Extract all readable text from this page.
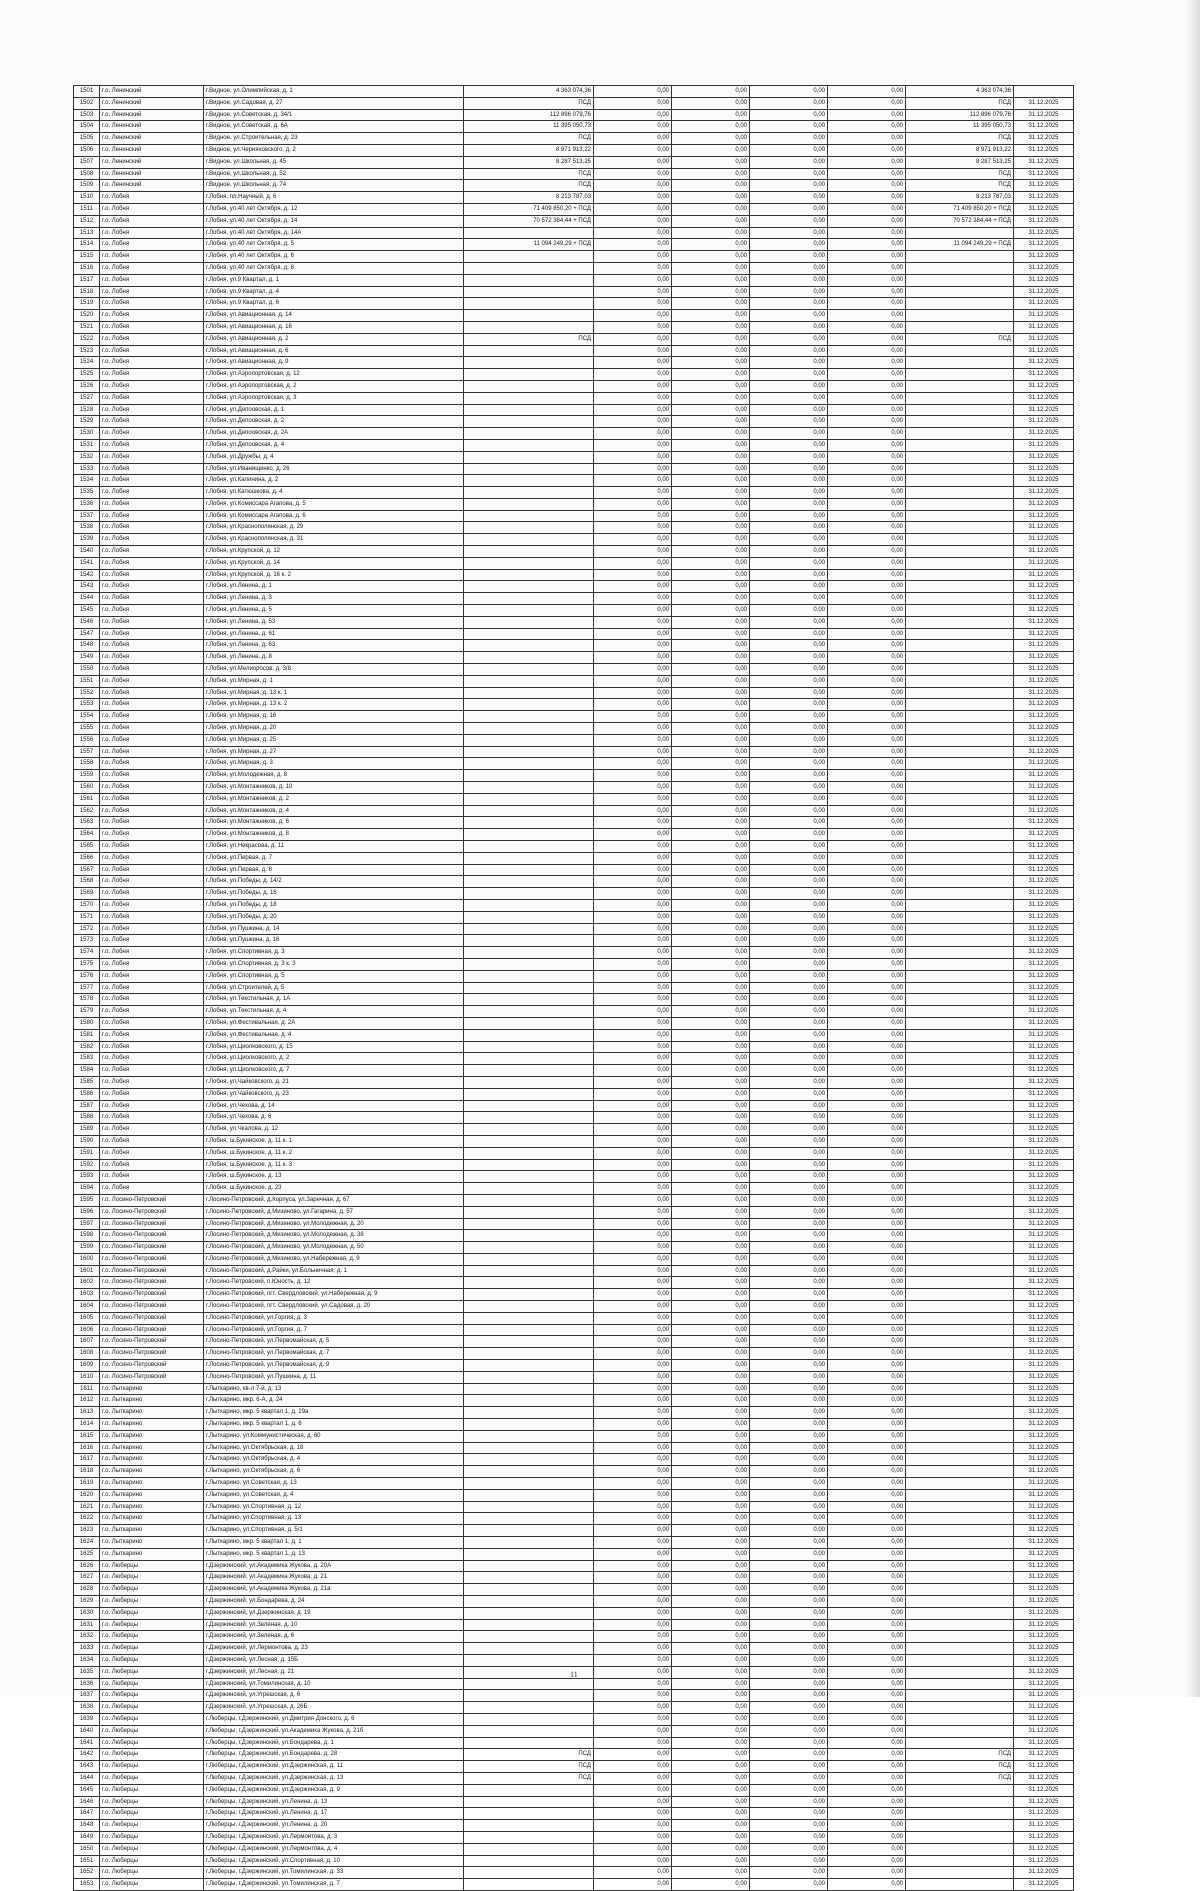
1501	г.о. Ленинский	г.Видное, ул.Олимпийская, д. 1	4 363 074,36	0,00	0,00	0,00	0,00	4 363 074,36	
1502	г.о. Ленинский	г.Видное, ул.Садовая, д. 27	ПСД	0,00	0,00	0,00	0,00	ПСД	31.12.2025
1503	г.о. Ленинский	г.Видное, ул.Советская, д. 34/1	112 896 079,76	0,00	0,00	0,00	0,00	112 896 079,76	31.12.2025
1504	г.о. Ленинский	г.Видное, ул.Советская, д. 6А	11 395 050,73	0,00	0,00	0,00	0,00	11 395 050,73	31.12.2025
1505	г.о. Ленинский	г.Видное, ул.Строительная, д. 23	ПСД	0,00	0,00	0,00	0,00	ПСД	31.12.2025
1506	г.о. Ленинский	г.Видное, ул.Черняховского, д. 2	8 971 913,22	0,00	0,00	0,00	0,00	8 971 913,22	31.12.2025
1507	г.о. Ленинский	г.Видное, ул.Школьная, д. 45	8 287 513,25	0,00	0,00	0,00	0,00	8 287 513,25	31.12.2025
1508	г.о. Ленинский	г.Видное, ул.Школьная, д. 52	ПСД	0,00	0,00	0,00	0,00	ПСД	31.12.2025
1509	г.о. Ленинский	г.Видное, ул.Школьная, д. 74	ПСД	0,00	0,00	0,00	0,00	ПСД	31.12.2025
1510	г.о. Лобня	г.Лобня, пл.Научный, д. 6	8 213 787,03	0,00	0,00	0,00	0,00	8 213 787,03	31.12.2025
1511	г.о. Лобня	г.Лобня, ул.40 лет Октября, д. 12	71 409 850,20 + ПСД	0,00	0,00	0,00	0,00	71 409 850,20 + ПСД	31.12.2025
1512	г.о. Лобня	г.Лобня, ул.40 лет Октября, д. 14	70 572 384,44 + ПСД	0,00	0,00	0,00	0,00	70 572 384,44 + ПСД	31.12.2025
1513	г.о. Лобня	г.Лобня, ул.40 лет Октября, д. 14А		0,00	0,00	0,00	0,00		31.12.2025
1514	г.о. Лобня	г.Лобня, ул.40 лет Октября, д. 5	11 094 249,29 + ПСД	0,00	0,00	0,00	0,00	11 094 249,29 + ПСД	31.12.2025
1515	г.о. Лобня	г.Лобня, ул.40 лет Октября, д. 6		0,00	0,00	0,00	0,00		31.12.2025
1516	г.о. Лобня	г.Лобня, ул.40 лет Октября, д. 8		0,00	0,00	0,00	0,00		31.12.2025
1517	г.о. Лобня	г.Лобня, ул.9 Квартал, д. 1		0,00	0,00	0,00	0,00		31.12.2025
1518	г.о. Лобня	г.Лобня, ул.9 Квартал, д. 4		0,00	0,00	0,00	0,00		31.12.2025
1519	г.о. Лобня	г.Лобня, ул.9 Квартал, д. 6		0,00	0,00	0,00	0,00		31.12.2025
1520	г.о. Лобня	г.Лобня, ул.Авиационная, д. 14		0,00	0,00	0,00	0,00		31.12.2025
1521	г.о. Лобня	г.Лобня, ул.Авиационная, д. 16		0,00	0,00	0,00	0,00		31.12.2025
1522	г.о. Лобня	г.Лобня, ул.Авиационная, д. 2	ПСД	0,00	0,00	0,00	0,00	ПСД	31.12.2025
1523	г.о. Лобня	г.Лобня, ул.Авиационная, д. 6		0,00	0,00	0,00	0,00		31.12.2025
1524	г.о. Лобня	г.Лобня, ул.Авиационная, д. 9		0,00	0,00	0,00	0,00		31.12.2025
1525	г.о. Лобня	г.Лобня, ул.Аэропортовская, д. 12		0,00	0,00	0,00	0,00		31.12.2025
1526	г.о. Лобня	г.Лобня, ул.Аэропортовская, д. 2		0,00	0,00	0,00	0,00		31.12.2025
1527	г.о. Лобня	г.Лобня, ул.Аэропортовская, д. 3		0,00	0,00	0,00	0,00		31.12.2025
1528	г.о. Лобня	г.Лобня, ул.Депоовская, д. 1		0,00	0,00	0,00	0,00		31.12.2025
1529	г.о. Лобня	г.Лобня, ул.Депоовская, д. 2		0,00	0,00	0,00	0,00		31.12.2025
1530	г.о. Лобня	г.Лобня, ул.Депоовская, д. 2А		0,00	0,00	0,00	0,00		31.12.2025
1531	г.о. Лобня	г.Лобня, ул.Депоовская, д. 4		0,00	0,00	0,00	0,00		31.12.2025
1532	г.о. Лобня	г.Лобня, ул.Дружбы, д. 4		0,00	0,00	0,00	0,00		31.12.2025
1533	г.о. Лобня	г.Лобня, ул.Иванищенко, д. 26		0,00	0,00	0,00	0,00		31.12.2025
1534	г.о. Лобня	г.Лобня, ул.Калинина, д. 2		0,00	0,00	0,00	0,00		31.12.2025
1535	г.о. Лобня	г.Лобня, ул.Катюшкова, д. 4		0,00	0,00	0,00	0,00		31.12.2025
1536	г.о. Лобня	г.Лобня, ул.Комиссара Агапова, д. 5		0,00	0,00	0,00	0,00		31.12.2025
1537	г.о. Лобня	г.Лобня, ул.Комиссара Агапова, д. 6		0,00	0,00	0,00	0,00		31.12.2025
1538	г.о. Лобня	г.Лобня, ул.Краснополянская, д. 29		0,00	0,00	0,00	0,00		31.12.2025
1539	г.о. Лобня	г.Лобня, ул.Краснополянская, д. 31		0,00	0,00	0,00	0,00		31.12.2025
1540	г.о. Лобня	г.Лобня, ул.Крупской, д. 12		0,00	0,00	0,00	0,00		31.12.2025
1541	г.о. Лобня	г.Лобня, ул.Крупской, д. 14		0,00	0,00	0,00	0,00		31.12.2025
1542	г.о. Лобня	г.Лобня, ул.Крупской, д. 16 к. 2		0,00	0,00	0,00	0,00		31.12.2025
1543	г.о. Лобня	г.Лобня, ул.Ленина, д. 1		0,00	0,00	0,00	0,00		31.12.2025
1544	г.о. Лобня	г.Лобня, ул.Ленина, д. 3		0,00	0,00	0,00	0,00		31.12.2025
1545	г.о. Лобня	г.Лобня, ул.Ленина, д. 5		0,00	0,00	0,00	0,00		31.12.2025
1546	г.о. Лобня	г.Лобня, ул.Ленина, д. 53		0,00	0,00	0,00	0,00		31.12.2025
1547	г.о. Лобня	г.Лобня, ул.Ленина, д. 61		0,00	0,00	0,00	0,00		31.12.2025
1548	г.о. Лобня	г.Лобня, ул.Ленина, д. 63		0,00	0,00	0,00	0,00		31.12.2025
1549	г.о. Лобня	г.Лобня, ул.Ленина, д. 8		0,00	0,00	0,00	0,00		31.12.2025
1550	г.о. Лобня	г.Лобня, ул.Мелиоросов, д. 3/8		0,00	0,00	0,00	0,00		31.12.2025
1551	г.о. Лобня	г.Лобня, ул.Мирная, д. 1		0,00	0,00	0,00	0,00		31.12.2025
1552	г.о. Лобня	г.Лобня, ул.Мирная, д. 13 к. 1		0,00	0,00	0,00	0,00		31.12.2025
1553	г.о. Лобня	г.Лобня, ул.Мирная, д. 13 к. 2		0,00	0,00	0,00	0,00		31.12.2025
1554	г.о. Лобня	г.Лобня, ул.Мирная, д. 16		0,00	0,00	0,00	0,00		31.12.2025
1555	г.о. Лобня	г.Лобня, ул.Мирная, д. 20		0,00	0,00	0,00	0,00		31.12.2025
1556	г.о. Лобня	г.Лобня, ул.Мирная, д. 25		0,00	0,00	0,00	0,00		31.12.2025
1557	г.о. Лобня	г.Лобня, ул.Мирная, д. 27		0,00	0,00	0,00	0,00		31.12.2025
1558	г.о. Лобня	г.Лобня, ул.Мирная, д. 3		0,00	0,00	0,00	0,00		31.12.2025
1559	г.о. Лобня	г.Лобня, ул.Молодежная, д. 8		0,00	0,00	0,00	0,00		31.12.2025
1560	г.о. Лобня	г.Лобня, ул.Монтажников, д. 10		0,00	0,00	0,00	0,00		31.12.2025
1561	г.о. Лобня	г.Лобня, ул.Монтажников, д. 2		0,00	0,00	0,00	0,00		31.12.2025
1562	г.о. Лобня	г.Лобня, ул.Монтажников, д. 4		0,00	0,00	0,00	0,00		31.12.2025
1563	г.о. Лобня	г.Лобня, ул.Монтажников, д. 6		0,00	0,00	0,00	0,00		31.12.2025
1564	г.о. Лобня	г.Лобня, ул.Монтажников, д. 8		0,00	0,00	0,00	0,00		31.12.2025
1565	г.о. Лобня	г.Лобня, ул.Некрасова, д. 11		0,00	0,00	0,00	0,00		31.12.2025
1566	г.о. Лобня	г.Лобня, ул.Первая, д. 7		0,00	0,00	0,00	0,00		31.12.2025
1567	г.о. Лобня	г.Лобня, ул.Первая, д. 8		0,00	0,00	0,00	0,00		31.12.2025
1568	г.о. Лобня	г.Лобня, ул.Победы, д. 14/2		0,00	0,00	0,00	0,00		31.12.2025
1569	г.о. Лобня	г.Лобня, ул.Победы, д. 16		0,00	0,00	0,00	0,00		31.12.2025
1570	г.о. Лобня	г.Лобня, ул.Победы, д. 18		0,00	0,00	0,00	0,00		31.12.2025
1571	г.о. Лобня	г.Лобня, ул.Победы, д. 20		0,00	0,00	0,00	0,00		31.12.2025
1572	г.о. Лобня	г.Лобня, ул.Пушкина, д. 14		0,00	0,00	0,00	0,00		31.12.2025
1573	г.о. Лобня	г.Лобня, ул.Пушкина, д. 16		0,00	0,00	0,00	0,00		31.12.2025
1574	г.о. Лобня	г.Лобня, ул.Спортивная, д. 3		0,00	0,00	0,00	0,00		31.12.2025
1575	г.о. Лобня	г.Лобня, ул.Спортивная, д. 3 к. 3		0,00	0,00	0,00	0,00		31.12.2025
1576	г.о. Лобня	г.Лобня, ул.Спортивная, д. 5		0,00	0,00	0,00	0,00		31.12.2025
1577	г.о. Лобня	г.Лобня, ул.Строителей, д. 5		0,00	0,00	0,00	0,00		31.12.2025
1578	г.о. Лобня	г.Лобня, ул.Текстильная, д. 1А		0,00	0,00	0,00	0,00		31.12.2025
1579	г.о. Лобня	г.Лобня, ул.Текстильная, д. 4		0,00	0,00	0,00	0,00		31.12.2025
1580	г.о. Лобня	г.Лобня, ул.Фестивальная, д. 2А		0,00	0,00	0,00	0,00		31.12.2025
1581	г.о. Лобня	г.Лобня, ул.Фестивальная, д. 4		0,00	0,00	0,00	0,00		31.12.2025
1582	г.о. Лобня	г.Лобня, ул.Циолковского, д. 15		0,00	0,00	0,00	0,00		31.12.2025
1583	г.о. Лобня	г.Лобня, ул.Циолковского, д. 2		0,00	0,00	0,00	0,00		31.12.2025
1584	г.о. Лобня	г.Лобня, ул.Циолковского, д. 7		0,00	0,00	0,00	0,00		31.12.2025
1585	г.о. Лобня	г.Лобня, ул.Чайковского, д. 21		0,00	0,00	0,00	0,00		31.12.2025
1586	г.о. Лобня	г.Лобня, ул.Чайковского, д. 23		0,00	0,00	0,00	0,00		31.12.2025
1587	г.о. Лобня	г.Лобня, ул.Чехова, д. 14		0,00	0,00	0,00	0,00		31.12.2025
1588	г.о. Лобня	г.Лобня, ул.Чехова, д. 6		0,00	0,00	0,00	0,00		31.12.2025
1589	г.о. Лобня	г.Лобня, ул.Чкалова, д. 12		0,00	0,00	0,00	0,00		31.12.2025
1590	г.о. Лобня	г.Лобня, ш.Букинское, д. 11 к. 1		0,00	0,00	0,00	0,00		31.12.2025
1591	г.о. Лобня	г.Лобня, ш.Букинское, д. 11 к. 2		0,00	0,00	0,00	0,00		31.12.2025
1592	г.о. Лобня	г.Лобня, ш.Букинское, д. 11 к. 3		0,00	0,00	0,00	0,00		31.12.2025
1593	г.о. Лобня	г.Лобня, ш.Букинское, д. 13		0,00	0,00	0,00	0,00		31.12.2025
1594	г.о. Лобня	г.Лобня, ш.Букинское, д. 23		0,00	0,00	0,00	0,00		31.12.2025
1595	г.о. Лосино-Петровский	г.Лосино-Петровский, д.Корпуса, ул.Заречная, д. 67		0,00	0,00	0,00	0,00		31.12.2025
1596	г.о. Лосино-Петровский	г.Лосино-Петровский, д.Мизиново, ул.Гагарина, д. 57		0,00	0,00	0,00	0,00		31.12.2025
1597	г.о. Лосино-Петровский	г.Лосино-Петровский, д.Мизиново, ул.Молодежная, д. 20		0,00	0,00	0,00	0,00		31.12.2025
1598	г.о. Лосино-Петровский	г.Лосино-Петровский, д.Мизиново, ул.Молодежная, д. 38		0,00	0,00	0,00	0,00		31.12.2025
1599	г.о. Лосино-Петровский	г.Лосино-Петровский, д.Мизиново, ул.Молодежная, д. 50		0,00	0,00	0,00	0,00		31.12.2025
1600	г.о. Лосино-Петровский	г.Лосино-Петровский, д.Мизиново, ул.Набережная, д. 9		0,00	0,00	0,00	0,00		31.12.2025
1601	г.о. Лосино-Петровский	г.Лосино-Петровский, д.Райки, ул.Больничная, д. 1		0,00	0,00	0,00	0,00		31.12.2025
1602	г.о. Лосино-Петровский	г.Лосино-Петровский, п.Юность, д. 12		0,00	0,00	0,00	0,00		31.12.2025
1603	г.о. Лосино-Петровский	г.Лосино-Петровский, пгт. Свердловский, ул.Набережная, д. 9		0,00	0,00	0,00	0,00		31.12.2025
1604	г.о. Лосино-Петровский	г.Лосино-Петровский, пгт. Свердловский, ул.Садовая, д. 20		0,00	0,00	0,00	0,00		31.12.2025
1605	г.о. Лосино-Петровский	г.Лосино-Петровский, ул.Горгия, д. 3		0,00	0,00	0,00	0,00		31.12.2025
1606	г.о. Лосино-Петровский	г.Лосино-Петровский, ул.Горгия, д. 7		0,00	0,00	0,00	0,00		31.12.2025
1607	г.о. Лосино-Петровский	г.Лосино-Петровский, ул.Первомайская, д. 5		0,00	0,00	0,00	0,00		31.12.2025
1608	г.о. Лосино-Петровский	г.Лосино-Петровский, ул.Первомайская, д. 7		0,00	0,00	0,00	0,00		31.12.2025
1609	г.о. Лосино-Петровский	г.Лосино-Петровский, ул.Первомайская, д. 9		0,00	0,00	0,00	0,00		31.12.2025
1610	г.о. Лосино-Петровский	г.Лосино-Петровский, ул.Пушкина, д. 11		0,00	0,00	0,00	0,00		31.12.2025
1611	г.о. Лыткарино	г.Лыткарино, кв-л 7-й, д. 13		0,00	0,00	0,00	0,00		31.12.2025
1612	г.о. Лыткарино	г.Лыткарино, мкр. 6-А, д. 24		0,00	0,00	0,00	0,00		31.12.2025
1613	г.о. Лыткарино	г.Лыткарино, мкр. 5 квартал 1, д. 19а		0,00	0,00	0,00	0,00		31.12.2025
1614	г.о. Лыткарино	г.Лыткарино, мкр. 5 квартал 1, д. 6		0,00	0,00	0,00	0,00		31.12.2025
1615	г.о. Лыткарино	г.Лыткарино, ул.Коммунистическая, д. 60		0,00	0,00	0,00	0,00		31.12.2025
1616	г.о. Лыткарино	г.Лыткарино, ул.Октябрьская, д. 18		0,00	0,00	0,00	0,00		31.12.2025
1617	г.о. Лыткарино	г.Лыткарино, ул.Октябрьская, д. 4		0,00	0,00	0,00	0,00		31.12.2025
1618	г.о. Лыткарино	г.Лыткарино, ул.Октябрьская, д. 6		0,00	0,00	0,00	0,00		31.12.2025
1619	г.о. Лыткарино	г.Лыткарино, ул.Советская, д. 13		0,00	0,00	0,00	0,00		31.12.2025
1620	г.о. Лыткарино	г.Лыткарино, ул.Советская, д. 4		0,00	0,00	0,00	0,00		31.12.2025
1621	г.о. Лыткарино	г.Лыткарино, ул.Спортивная, д. 12		0,00	0,00	0,00	0,00		31.12.2025
1622	г.о. Лыткарино	г.Лыткарино, ул.Спортивная, д. 13		0,00	0,00	0,00	0,00		31.12.2025
1623	г.о. Лыткарино	г.Лыткарино, ул.Спортивная, д. 5/1		0,00	0,00	0,00	0,00		31.12.2025
1624	г.о. Лыткарино	г.Лыткарино, мкр. 5 квартал 1, д. 1		0,00	0,00	0,00	0,00		31.12.2025
1625	г.о. Лыткарино	г.Лыткарино, мкр. 5 квартал 1, д. 13		0,00	0,00	0,00	0,00		31.12.2025
1626	г.о. Люберцы	г.Дзержинский, ул.Академика Жукова, д. 20А		0,00	0,00	0,00	0,00		31.12.2025
1627	г.о. Люберцы	г.Дзержинский, ул.Академика Жукова, д. 21		0,00	0,00	0,00	0,00		31.12.2025
1628	г.о. Люберцы	г.Дзержинский, ул.Академика Жукова, д. 21а		0,00	0,00	0,00	0,00		31.12.2025
1629	г.о. Люберцы	г.Дзержинский, ул.Бондарева, д. 24		0,00	0,00	0,00	0,00		31.12.2025
1630	г.о. Люберцы	г.Дзержинский, ул.Дзержинская, д. 19		0,00	0,00	0,00	0,00		31.12.2025
1631	г.о. Люберцы	г.Дзержинский, ул.Зеленая, д. 10		0,00	0,00	0,00	0,00		31.12.2025
1632	г.о. Люберцы	г.Дзержинский, ул.Зеленая, д. 6		0,00	0,00	0,00	0,00		31.12.2025
1633	г.о. Люберцы	г.Дзержинский, ул.Лермонтова, д. 23		0,00	0,00	0,00	0,00		31.12.2025
1634	г.о. Люберцы	г.Дзержинский, ул.Лесная, д. 15Б		0,00	0,00	0,00	0,00		31.12.2025
1635	г.о. Люберцы	г.Дзержинский, ул.Лесная, д. 21		0,00	0,00	0,00	0,00		31.12.2025
1636	г.о. Люберцы	г.Дзержинский, ул.Томилинская, д. 10		0,00	0,00	0,00	0,00		31.12.2025
1637	г.о. Люберцы	г.Дзержинский, ул.Угрешская, д. 6		0,00	0,00	0,00	0,00		31.12.2025
1638	г.о. Люберцы	г.Дзержинский, ул.Угрешская, д. 26Б		0,00	0,00	0,00	0,00		31.12.2025
1639	г.о. Люберцы	г.Люберцы, г.Дзержинский, ул.Дмитрия Донского, д. 6		0,00	0,00	0,00	0,00		31.12.2025
1640	г.о. Люберцы	г.Люберцы, г.Дзержинский, ул.Академика Жукова, д. 21б		0,00	0,00	0,00	0,00		31.12.2025
1641	г.о. Люберцы	г.Люберцы, г.Дзержинский, ул.Бондарева, д. 1		0,00	0,00	0,00	0,00		31.12.2025
1642	г.о. Люберцы	г.Люберцы, г.Дзержинский, ул.Бондарева, д. 28	ПСД	0,00	0,00	0,00	0,00	ПСД	31.12.2025
1643	г.о. Люберцы	г.Люберцы, г.Дзержинский, ул.Дзержинская, д. 11	ПСД	0,00	0,00	0,00	0,00	ПСД	31.12.2025
1644	г.о. Люберцы	г.Люберцы, г.Дзержинский, ул.Дзержинская, д. 13	ПСД	0,00	0,00	0,00	0,00	ПСД	31.12.2025
1645	г.о. Люберцы	г.Люберцы, г.Дзержинский, ул.Дзержинская, д. 9		0,00	0,00	0,00	0,00		31.12.2025
1646	г.о. Люберцы	г.Люберцы, г.Дзержинский, ул.Ленина, д. 13		0,00	0,00	0,00	0,00		31.12.2025
1647	г.о. Люберцы	г.Люберцы, г.Дзержинский, ул.Ленина, д. 17		0,00	0,00	0,00	0,00		31.12.2025
1648	г.о. Люберцы	г.Люберцы, г.Дзержинский, ул.Ленина, д. 20		0,00	0,00	0,00	0,00		31.12.2025
1649	г.о. Люберцы	г.Люберцы, г.Дзержинский, ул.Лермонтова, д. 3		0,00	0,00	0,00	0,00		31.12.2025
1650	г.о. Люберцы	г.Люберцы, г.Дзержинский, ул.Лермонтова, д. 4		0,00	0,00	0,00	0,00		31.12.2025
1651	г.о. Люберцы	г.Люберцы, г.Дзержинский, ул.Спортивная, д. 10		0,00	0,00	0,00	0,00		31.12.2025
1652	г.о. Люберцы	г.Люберцы, г.Дзержинский, ул.Томилинская, д. 33		0,00	0,00	0,00	0,00		31.12.2025
1653	г.о. Люберцы	г.Люберцы, г.Дзержинский, ул.Томилинская, д. 7		0,00	0,00	0,00	0,00		31.12.2025
11
